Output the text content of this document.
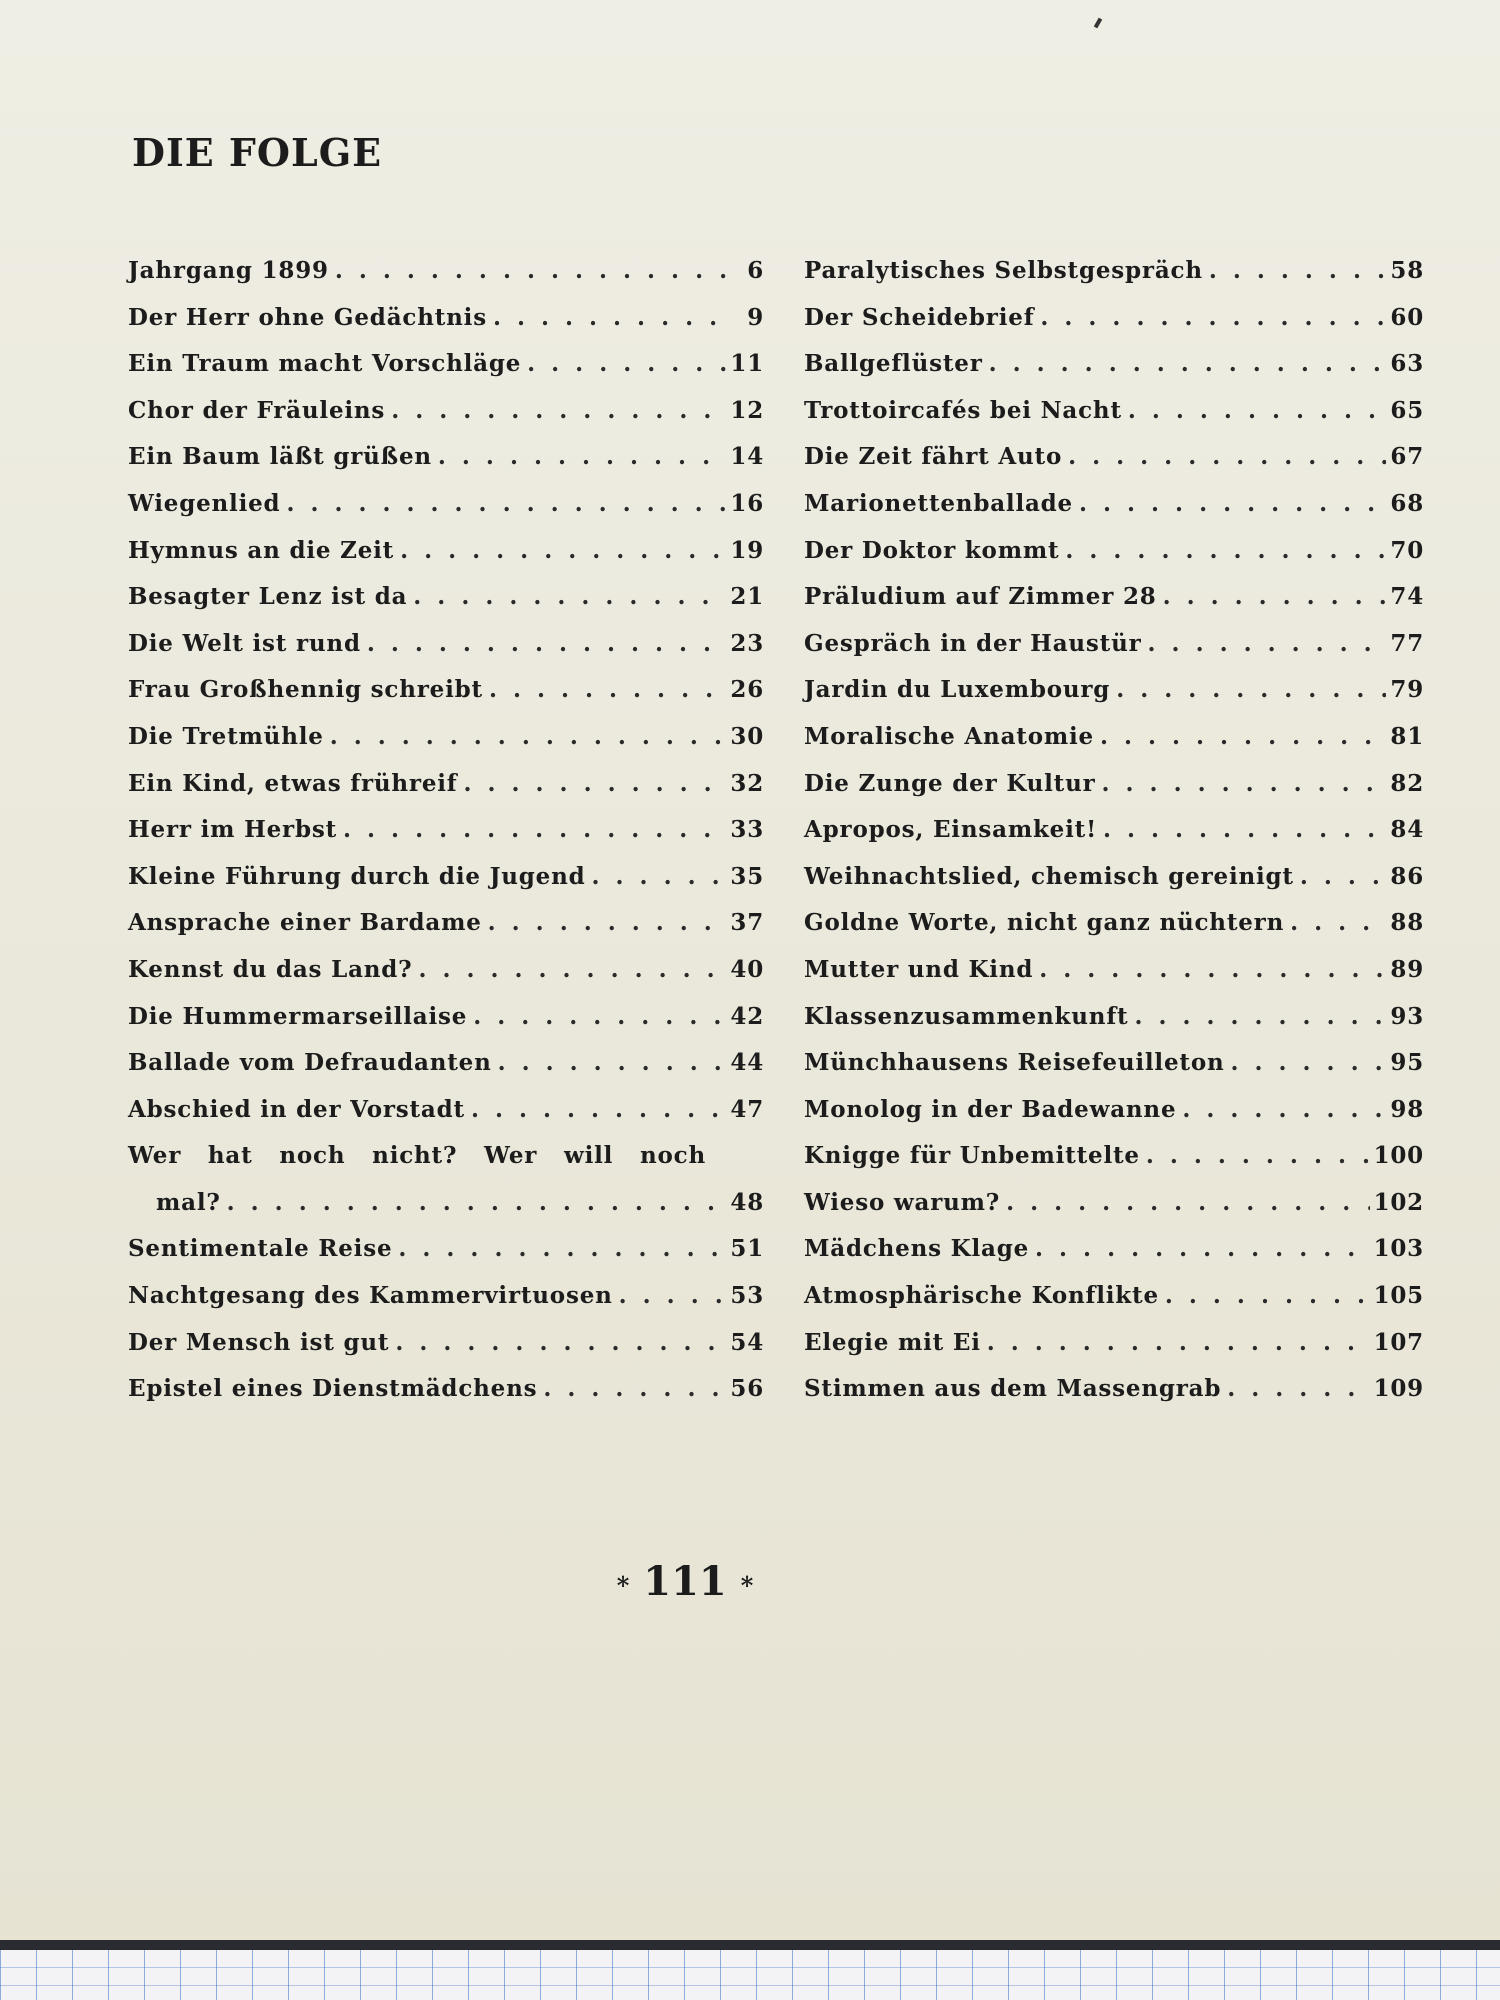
DIE FOLGE
Jahrgang 1899 . . .	6
Der Herr ohne Gedächtnis . . .	9
Ein Traum macht Vorschläge . . .	11
Chor der Fräuleins . . .	12
Ein Baum läßt grüßen . . .	14
Wiegenlied . . .	16
Hymnus an die Zeit . . .	19
Besagter Lenz ist da . . .	21
Die Welt ist rund . . .	23
Frau Großhennig schreibt . . .	26
Die Tretmühle . . .	30
Ein Kind, etwas frühreif . . .	32
Herr im Herbst . . .	33
Kleine Führung durch die Jugend . . .	35
Ansprache einer Bardame . . .	37
Kennst du das Land? . . .	40
Die Hummermarseillaise . . .	42
Ballade vom Defraudanten . . .	44
Abschied in der Vorstadt . . .	47
Wer hat noch nicht? Wer will noch
mal? . . .	48
Sentimentale Reise . . .	51
Nachtgesang des Kammervirtuosen . . .	53
Der Mensch ist gut . . .	54
Epistel eines Dienstmädchens . . .	56
Paralytisches Selbstgespräch . . .	58
Der Scheidebrief . . .	60
Ballgeflüster . . .	63
Trottoircafés bei Nacht . . .	65
Die Zeit fährt Auto . . .	67
Marionettenballade . . .	68
Der Doktor kommt . . .	70
Präludium auf Zimmer 28 . . .	74
Gespräch in der Haustür . . .	77
Jardin du Luxembourg . . .	79
Moralische Anatomie . . .	81
Die Zunge der Kultur . . .	82
Apropos, Einsamkeit! . . .	84
Weihnachtslied, chemisch gereinigt . . .	86
Goldne Worte, nicht ganz nüchtern . . .	88
Mutter und Kind . . .	89
Klassenzusammenkunft . . .	93
Münchhausens Reisefeuilleton . . .	95
Monolog in der Badewanne . . .	98
Knigge für Unbemittelte . . .	100
Wieso warum? . . .	102
Mädchens Klage . . .	103
Atmosphärische Konflikte . . .	105
Elegie mit Ei . . .	107
Stimmen aus dem Massengrab . . .	109

* 111 *
